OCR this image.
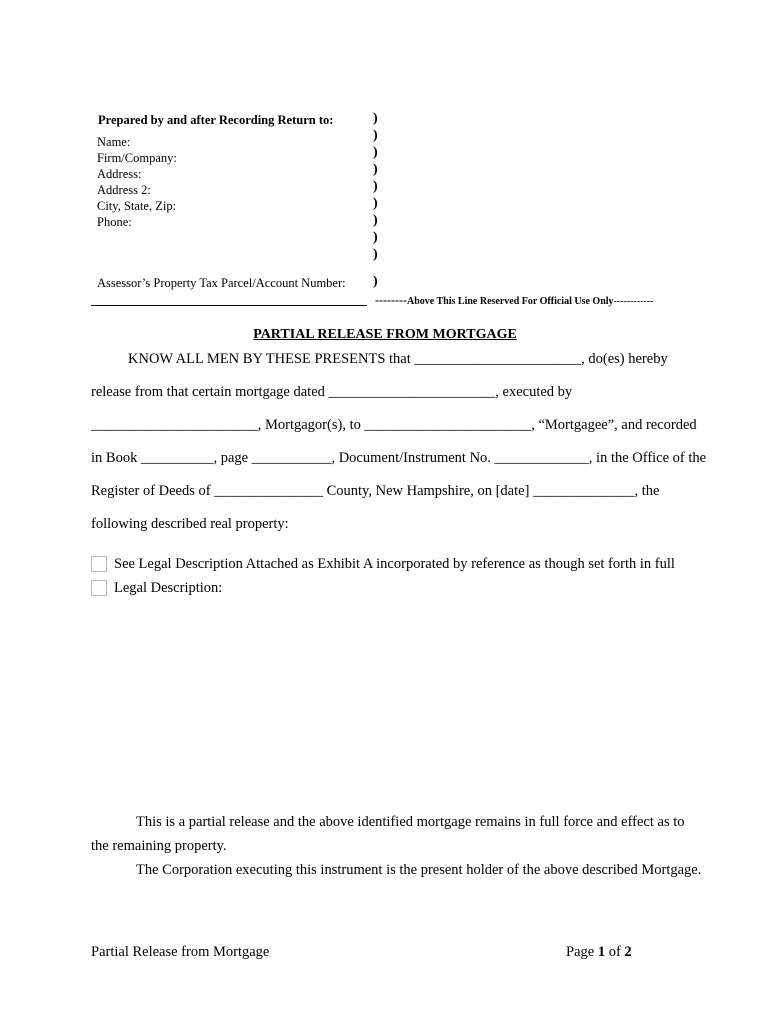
Prepared by and after Recording Return to:
Name:
Firm/Company:
Address:
Address 2:
City, State, Zip:
Phone:
Assessor’s Property Tax Parcel/Account Number:
)
)
)
)
)
)
)
)
)
)
--------Above This Line Reserved For Official Use Only------------
PARTIAL RELEASE FROM MORTGAGE
KNOW ALL MEN BY THESE PRESENTS that _______________________, do(es) hereby
release from that certain mortgage dated _______________________, executed by
_______________________, Mortgagor(s), to _______________________, “Mortgagee”, and recorded
in Book __________, page ___________, Document/Instrument No. _____________, in the Office of the
Register of Deeds of _______________ County, New Hampshire, on [date] ______________, the
following described real property:
See Legal Description Attached as Exhibit A incorporated by reference as though set forth in full
Legal Description:
This is a partial release and the above identified mortgage remains in full force and effect as to
the remaining property.
The Corporation executing this instrument is the present holder of the above described Mortgage.
Partial Release from Mortgage	Page 1 of 2
